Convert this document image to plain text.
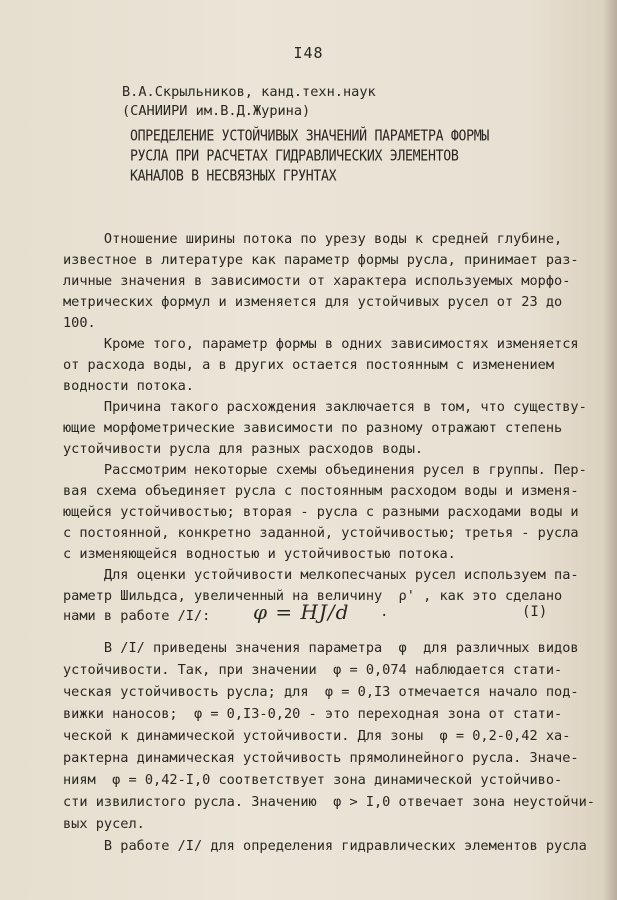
I48
В.А.Скрыльников, канд.техн.наук
(САНИИРИ им.В.Д.Журина)
ОПРЕДЕЛЕНИЕ УСТОЙЧИВЫХ ЗНАЧЕНИЙ ПАРАМЕТРА ФОРМЫ
РУСЛА ПРИ РАСЧЕТАХ ГИДРАВЛИЧЕСКИХ ЭЛЕМЕНТОВ
КАНАЛОВ В НЕСВЯЗНЫХ ГРУНТАХ
Отношение ширины потока по урезу воды к средней глубине,
известное в литературе как параметр формы русла, принимает раз-
личные значения в зависимости от характера используемых морфо-
метрических формул и изменяется для устойчивых русел от 23 до
100.
Кроме того, параметр формы в одних зависимостях изменяется
от расхода воды, а в других остается постоянным с изменением
водности потока.
Причина такого расхождения заключается в том, что существу-
ющие морфометрические зависимости по разному отражают степень
устойчивости русла для разных расходов воды.
Рассмотрим некоторые схемы объединения русел в группы. Пер-
вая схема объединяет русла с постоянным расходом воды и изменя-
ющейся устойчивостью; вторая - русла с разными расходами воды и
с постоянной, конкретно заданной, устойчивостью; третья - русла
с изменяющейся водностью и устойчивостью потока.
Для оценки устойчивости мелкопесчаных русел используем па-
раметр Шильдса, увеличенный на величину  ρ' , как это сделано
нами в работе /I/: φ = HJ/d .	(I)
В /I/ приведены значения параметра  φ  для различных видов
устойчивости. Так, при значении  φ = 0,074 наблюдается стати-
ческая устойчивость русла; для  φ = 0,I3 отмечается начало под-
вижки наносов;  φ = 0,I3-0,20 - это переходная зона от стати-
ческой к динамической устойчивости. Для зоны  φ = 0,2-0,42 ха-
рактерна динамическая устойчивость прямолинейного русла. Значе-
ниям  φ = 0,42-I,0 соответствует зона динамической устойчиво-
сти извилистого русла. Значению  φ > I,0 отвечает зона неустойчи-
вых русел.
В работе /I/ для определения гидравлических элементов русла
